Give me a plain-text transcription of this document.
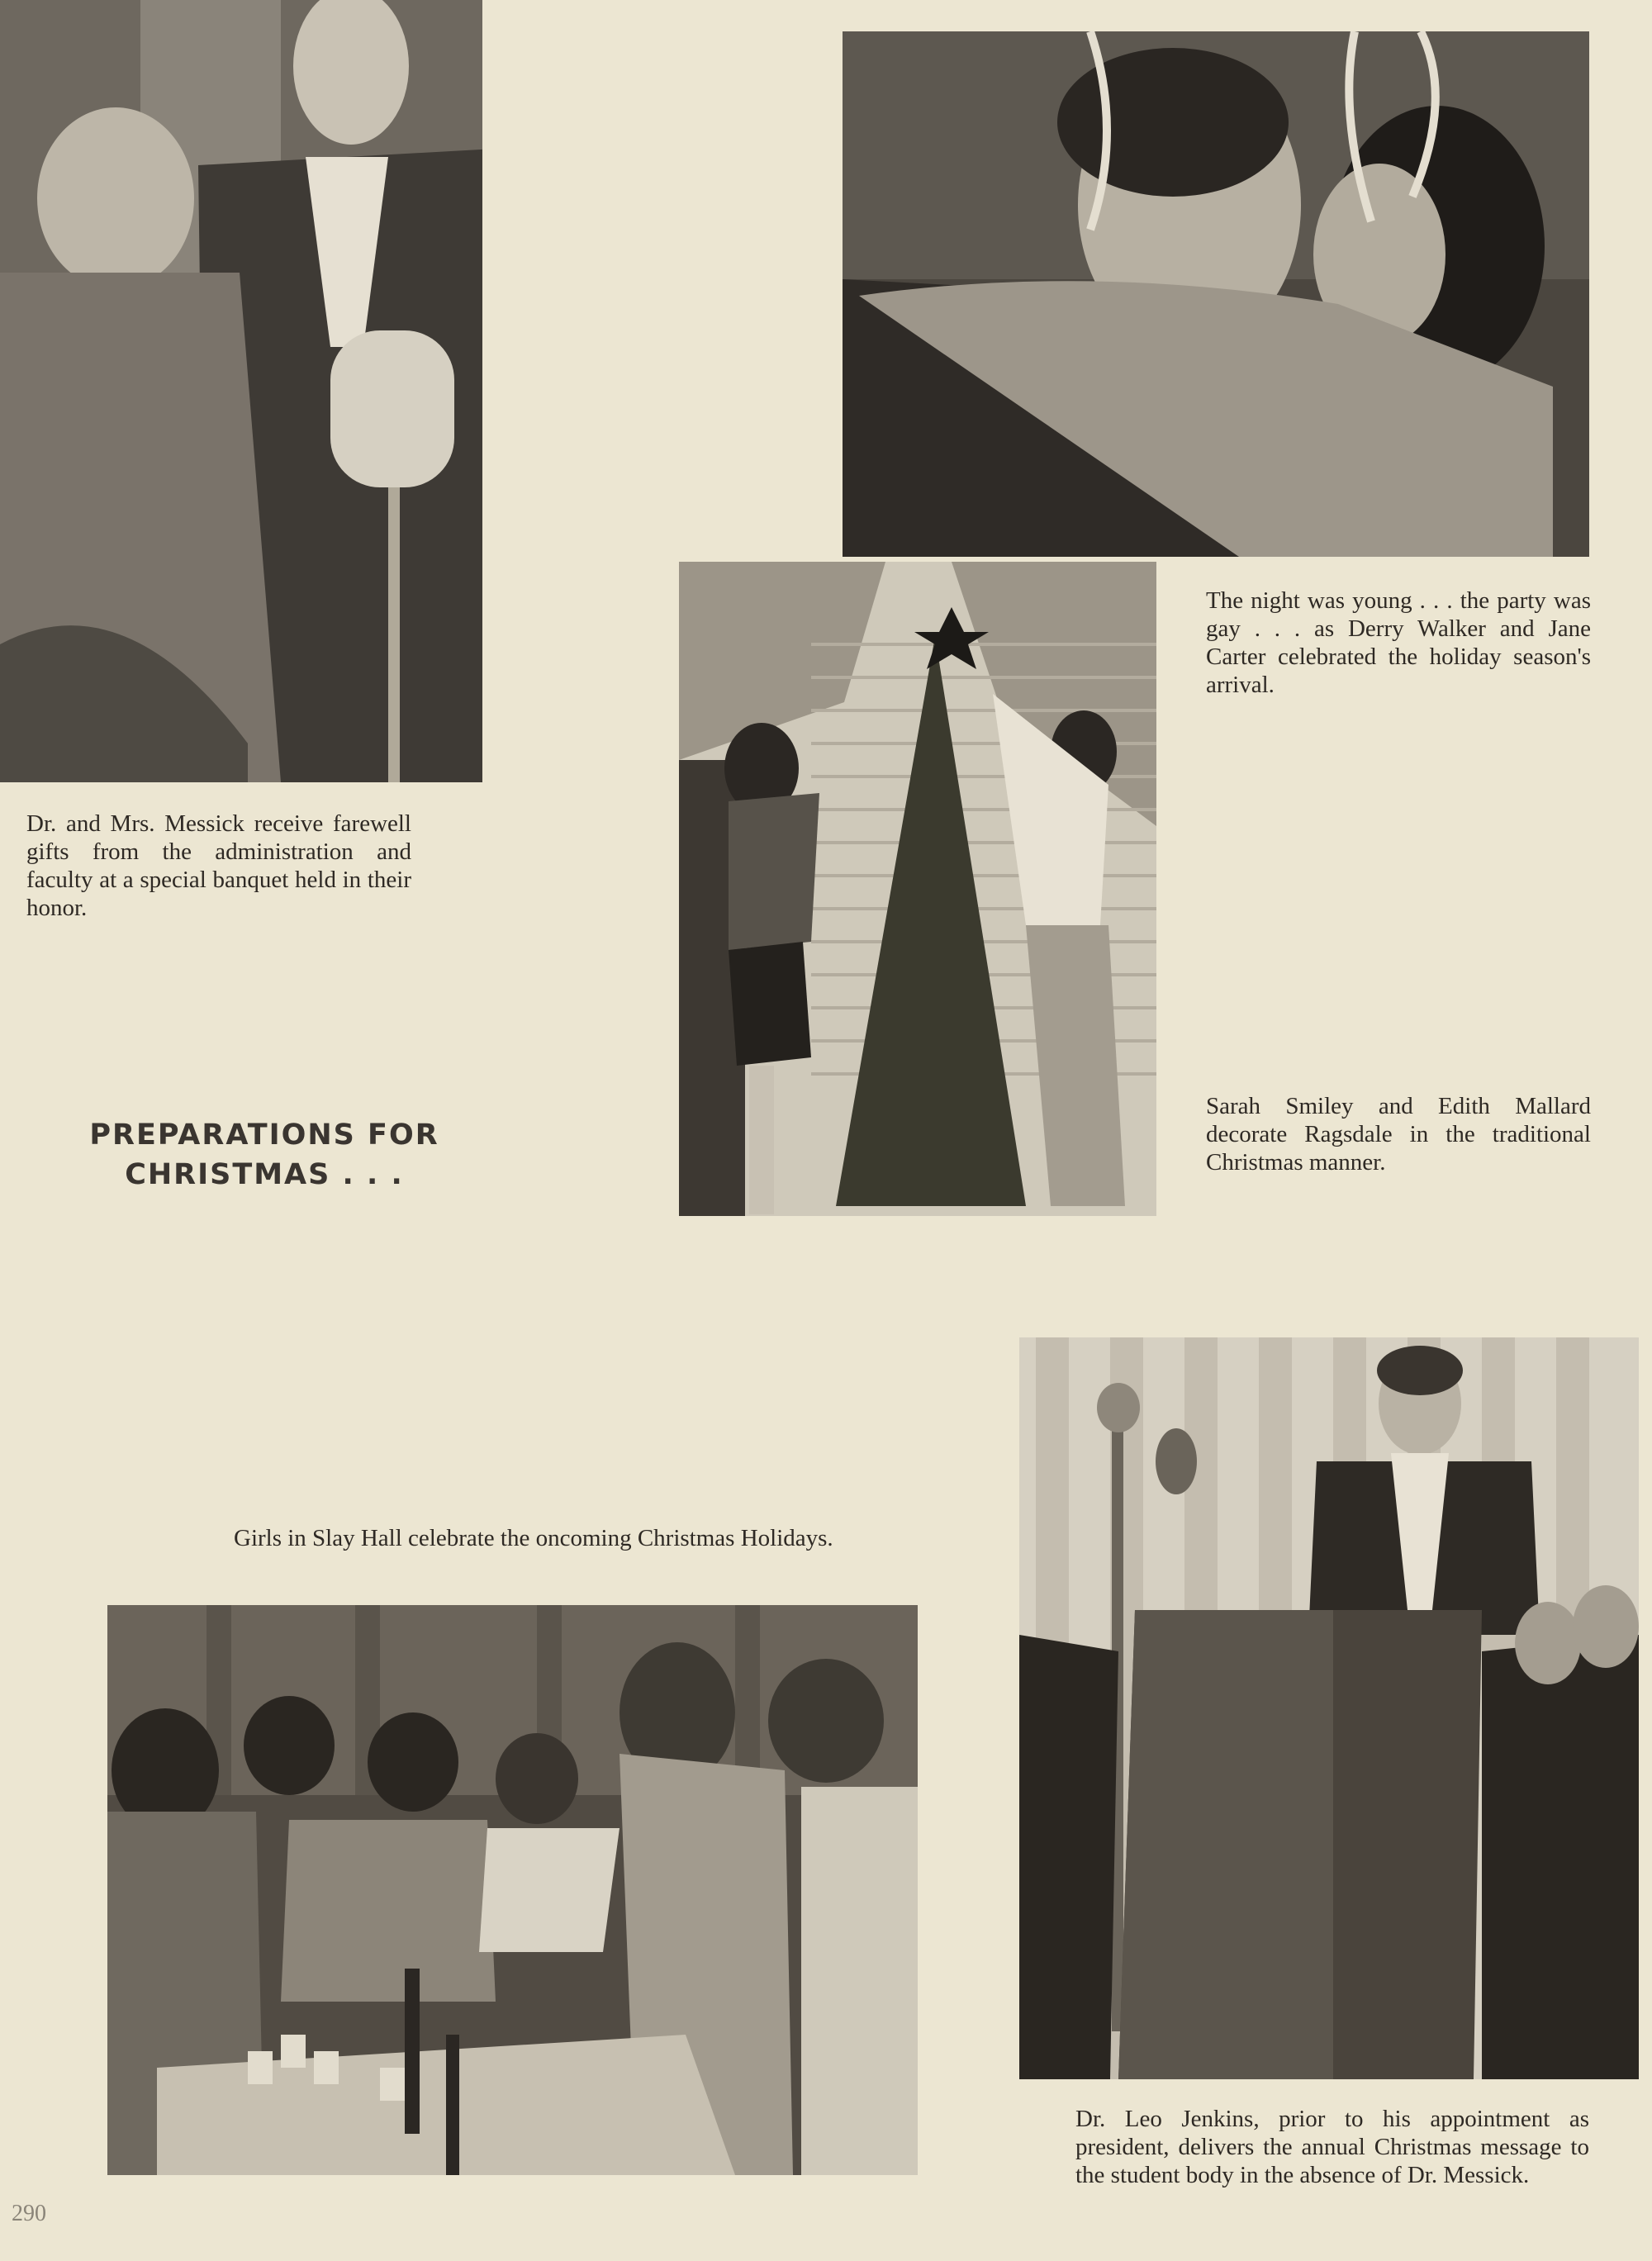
Dr. and Mrs. Messick receive farewell gifts from the administration and faculty at a special banquet held in their honor.
The night was young . . . the party was gay . . . as Derry Walker and Jane Carter celebrated the holiday season's arrival.
Sarah Smiley and Edith Mallard decorate Ragsdale in the traditional Christmas manner.
Girls in Slay Hall celebrate the oncoming Christmas Holidays.
Dr. Leo Jenkins, prior to his appointment as president, delivers the annual Christmas message to the student body in the absence of Dr. Messick.
PREPARATIONS FOR
CHRISTMAS . . .
290
